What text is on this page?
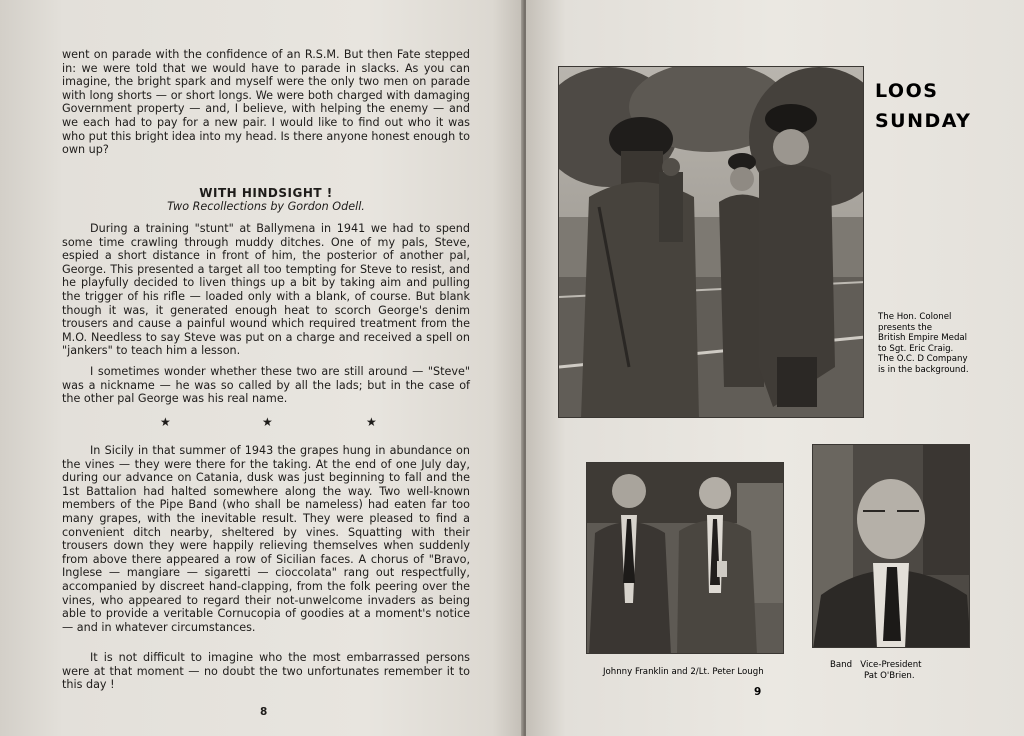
went on parade with the confidence of an R.S.M. But then Fate stepped in: we were told that we would have to parade in slacks. As you can imagine, the bright spark and myself were the only two men on parade with long shorts — or short longs. We were both charged with damaging Government property — and, I believe, with helping the enemy — and we each had to pay for a new pair. I would like to find out who it was who put this bright idea into my head. Is there anyone honest enough to own up?

WITH HINDSIGHT !
Two Recollections by Gordon Odell.

During a training "stunt" at Ballymena in 1941 we had to spend some time crawling through muddy ditches. One of my pals, Steve, espied a short distance in front of him, the posterior of another pal, George. This presented a target all too tempting for Steve to resist, and he playfully decided to liven things up a bit by taking aim and pulling the trigger of his rifle — loaded only with a blank, of course. But blank though it was, it generated enough heat to scorch George's denim trousers and cause a painful wound which required treatment from the M.O. Needless to say Steve was put on a charge and received a spell on "jankers" to teach him a lesson.

I sometimes wonder whether these two are still around — "Steve" was a nickname — he was so called by all the lads; but in the case of the other pal George was his real name.

★	★	★

In Sicily in that summer of 1943 the grapes hung in abundance on the vines — they were there for the taking. At the end of one July day, during our advance on Catania, dusk was just beginning to fall and the 1st Battalion had halted somewhere along the way. Two well-known members of the Pipe Band (who shall be nameless) had eaten far too many grapes, with the inevitable result. They were pleased to find a convenient ditch nearby, sheltered by vines. Squatting with their trousers down they were happily relieving themselves when suddenly from above there appeared a row of Sicilian faces. A chorus of "Bravo, Inglese — mangiare — sigaretti — cioccolata" rang out respectfully, accompanied by discreet hand-clapping, from the folk peering over the vines, who appeared to regard their not-unwelcome invaders as being able to provide a veritable Cornucopia of goodies at a moment's notice — and in whatever circumstances.

It is not difficult to imagine who the most embarrassed persons were at that moment — no doubt the two unfortunates remember it to this day !

8
LOOS
SUNDAY
The Hon. Colonel
presents the
British Empire Medal
to Sgt. Eric Craig.
The O.C. D Company
is in the background.
Johnny Franklin and 2/Lt. Peter Lough
Band   Vice-President
Pat O'Brien.
9
